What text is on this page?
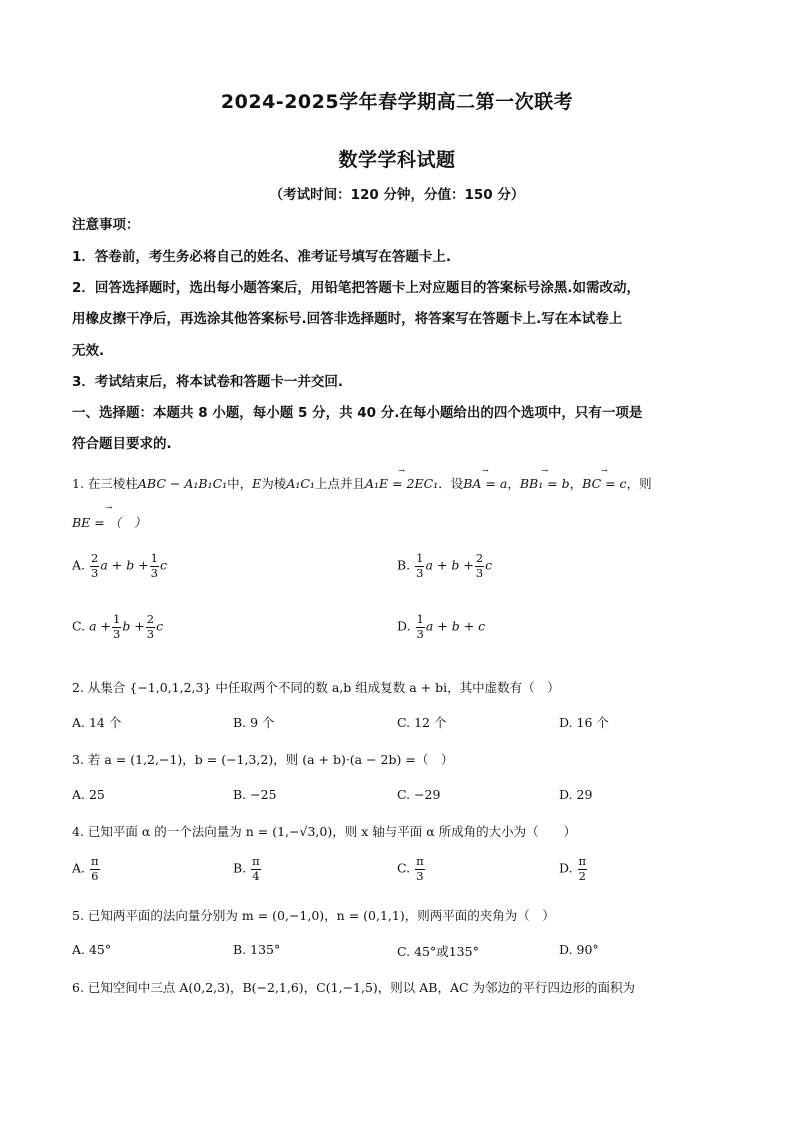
2024-2025学年春学期高二第一次联考
数学学科试题
（考试时间：120 分钟，分值：150 分）
注意事项：
1．答卷前，考生务必将自己的姓名、准考证号填写在答题卡上.
2．回答选择题时，选出每小题答案后，用铅笔把答题卡上对应题目的答案标号涂黑.如需改动，
用橡皮擦干净后，再选涂其他答案标号.回答非选择题时，将答案写在答题卡上.写在本试卷上
无效.
3．考试结束后，将本试卷和答题卡一并交回.
一、选择题：本题共 8 小题，每小题 5 分，共 40 分.在每小题给出的四个选项中，只有一项是
符合题目要求的.
1. 在三棱柱ABC − A₁B₁C₁中，E为棱A₁C₁上点并且
→
A₁E = 2EC₁．设
→
BA = a，
→
BB₁ = b，
→
BC = c，则
→
BE = （　）
A. $\frac{2}{3}$ $a + b + \frac{1}{3}$ c	B. $\frac{1}{3}$ $a + b + \frac{2}{3}$ c
C. $a + \frac{1}{3}$ $b + \frac{2}{3}$ c	D. $\frac{1}{3}$ a + b + c
2. 从集合 {−1,0,1,2,3} 中任取两个不同的数 a,b 组成复数 a + bi，其中虚数有（　）
A. 14 个	B. 9 个	C. 12 个	D. 16 个
3. 若 a = (1,2,−1)，b = (−1,3,2)，则 (a + b)·(a − 2b) =（　）
A. 25	B. −25	C. −29	D. 29
4. 已知平面 α 的一个法向量为 n = (1,−√3,0)，则 x 轴与平面 α 所成角的大小为（　　）
A. $\frac{\pi}{6}$	B. $\frac{\pi}{4}$	C. $\frac{\pi}{3}$	D. $\frac{\pi}{2}$
5. 已知两平面的法向量分别为 m = (0,−1,0)，n = (0,1,1)，则两平面的夹角为（　）
A. 45°	B. 135°	C. 45°或135°	D. 90°
6. 已知空间中三点 A(0,2,3)，B(−2,1,6)，C(1,−1,5)，则以 AB，AC 为邻边的平行四边形的面积为
